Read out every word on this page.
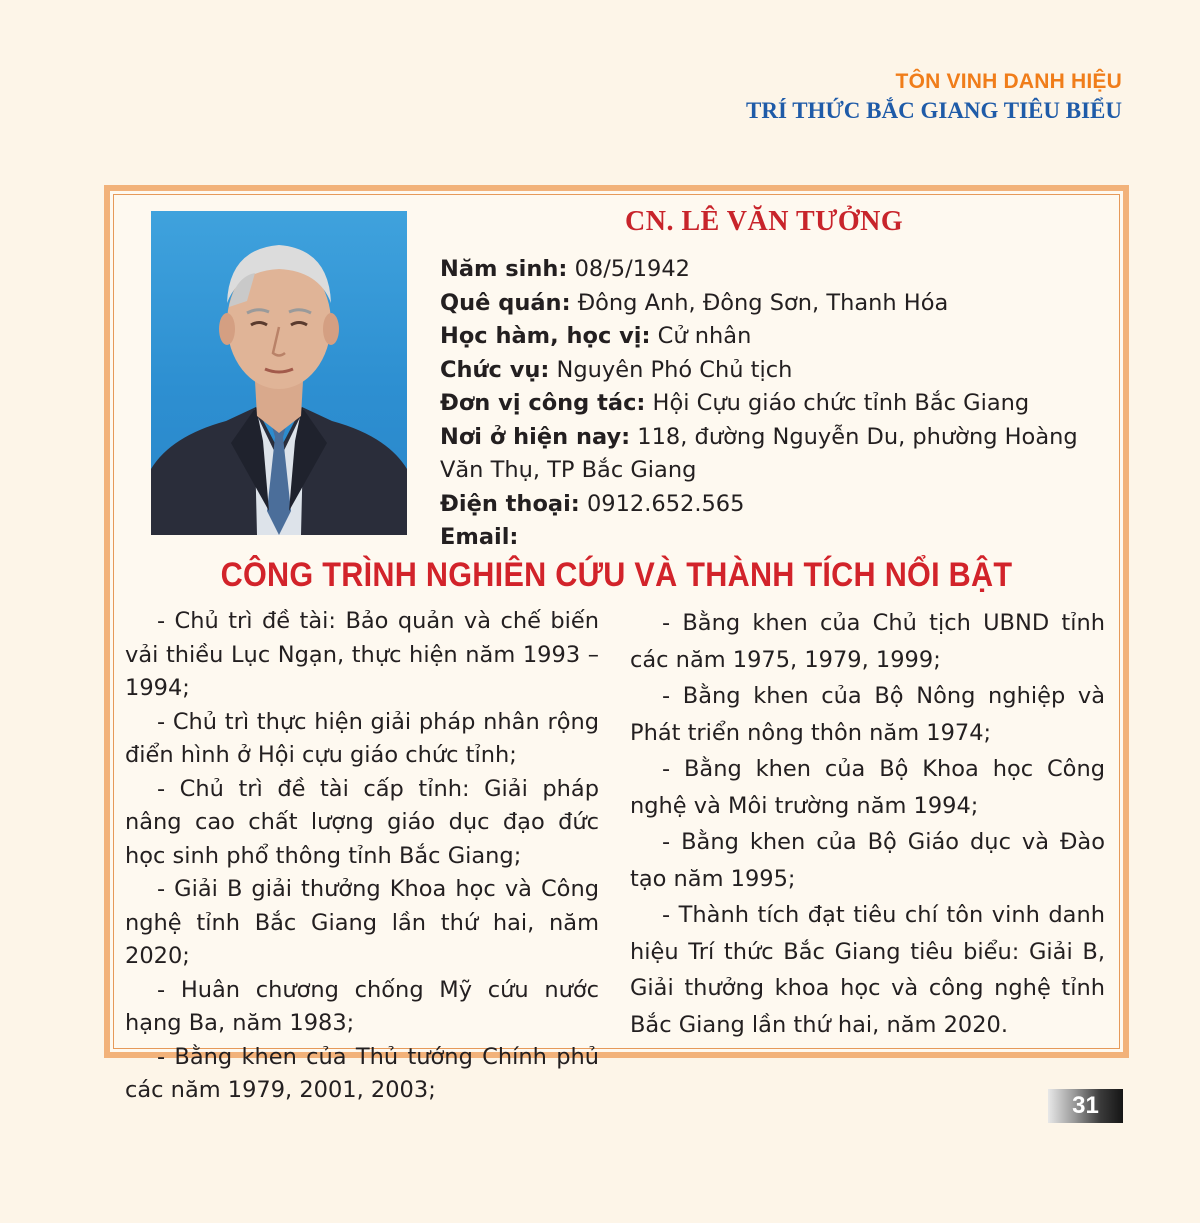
TÔN VINH DANH HIỆU
TRÍ THỨC BẮC GIANG TIÊU BIỂU
CN. LÊ VĂN TƯỞNG
Năm sinh: 08/5/1942
Quê quán: Đông Anh, Đông Sơn, Thanh Hóa
Học hàm, học vị: Cử nhân
Chức vụ: Nguyên Phó Chủ tịch
Đơn vị công tác: Hội Cựu giáo chức tỉnh Bắc Giang
Nơi ở hiện nay: 118, đường Nguyễn Du, phường Hoàng Văn Thụ, TP Bắc Giang
Điện thoại: 0912.652.565
Email:
CÔNG TRÌNH NGHIÊN CỨU VÀ THÀNH TÍCH NỔI BẬT

- Chủ trì đề tài: Bảo quản và chế biến vải thiều Lục Ngạn, thực hiện năm 1993 – 1994;

- Chủ trì thực hiện giải pháp nhân rộng điển hình ở Hội cựu giáo chức tỉnh;

- Chủ trì đề tài cấp tỉnh: Giải pháp nâng cao chất lượng giáo dục đạo đức học sinh phổ thông tỉnh Bắc Giang;

- Giải B giải thưởng Khoa học và Công nghệ tỉnh Bắc Giang lần thứ hai, năm 2020;

- Huân chương chống Mỹ cứu nước hạng Ba, năm 1983;

- Bằng khen của Thủ tướng Chính phủ các năm 1979, 2001, 2003;

- Bằng khen của Chủ tịch UBND tỉnh các năm 1975, 1979, 1999;

- Bằng khen của Bộ Nông nghiệp và Phát triển nông thôn năm 1974;

- Bằng khen của Bộ Khoa học Công nghệ và Môi trường năm 1994;

- Bằng khen của Bộ Giáo dục và Đào tạo năm 1995;

- Thành tích đạt tiêu chí tôn vinh danh hiệu Trí thức Bắc Giang tiêu biểu: Giải B, Giải thưởng khoa học và công nghệ tỉnh Bắc Giang lần thứ hai, năm 2020.

31
